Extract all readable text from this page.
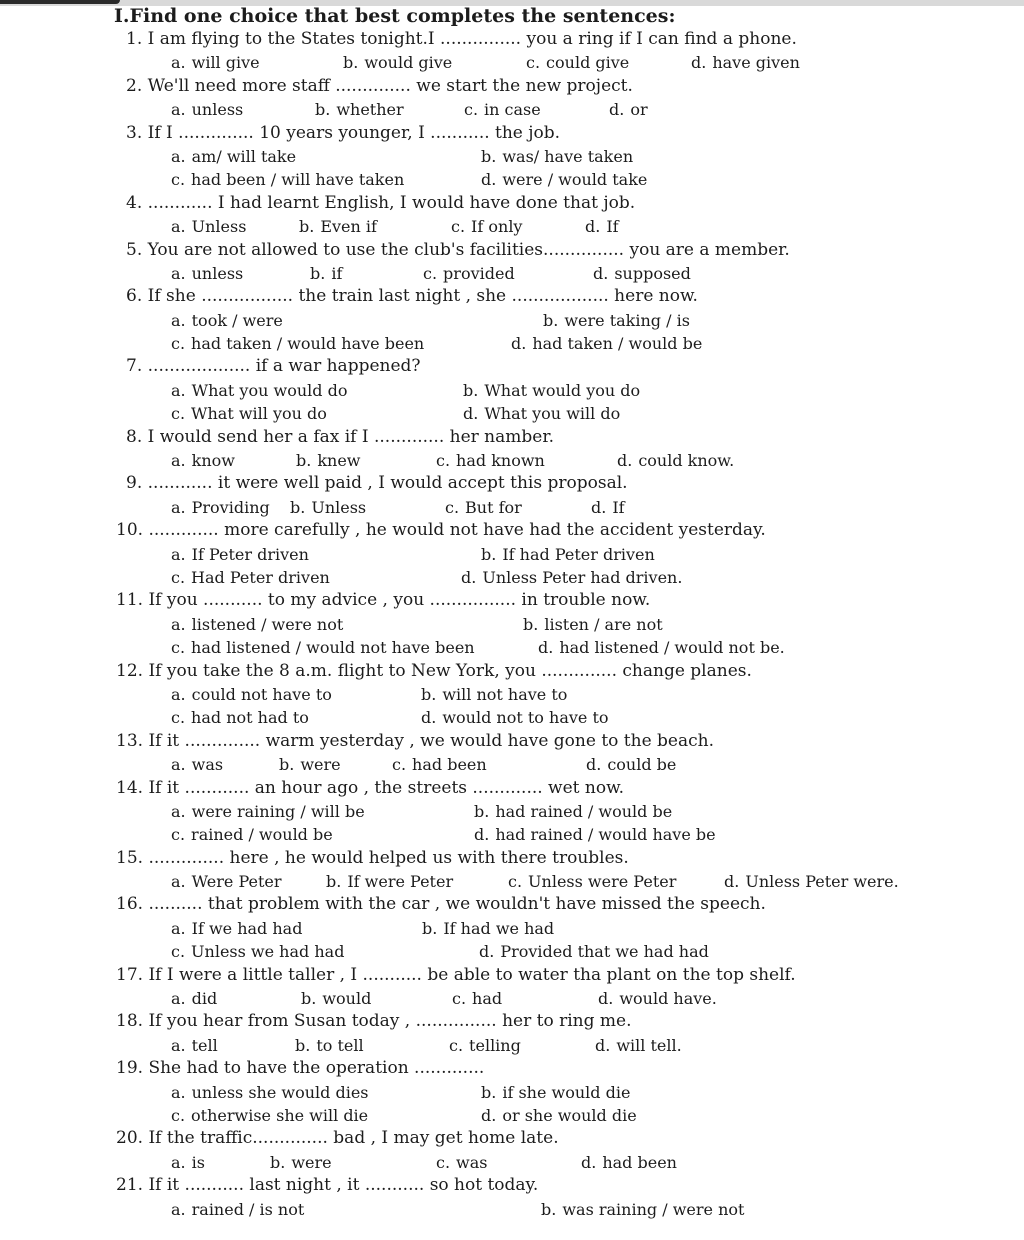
I.Find one choice that best completes the sentences:
1. I am flying to the States tonight.I ............... you a ring if I can find a phone.
a. will give	b. would give	c. could give	d. have given
2. We'll need more staff .............. we start the new project.
a. unless	b. whether	c. in case	d. or
3. If I .............. 10 years younger, I ........... the job.
a. am/ will take	b. was/ have taken
c. had been / will have taken	d. were / would take
4. ............ I had learnt English, I would have done that job.
a. Unless	b. Even if	c. If only	d. If
5. You are not allowed to use the club's facilities............... you are a member.
a. unless	b. if	c. provided	d. supposed
6. If she ................. the train last night , she .................. here now.
a. took / were	b. were taking / is
c. had taken / would have been	d. had taken / would be
7. ................... if a war happened?
a. What you would do	b. What would you do
c. What will you do	d. What you will do
8. I would send her a fax if I ............. her namber.
a. know	b. knew	c. had known	d. could know.
9. ............ it were well paid , I would accept this proposal.
a. Providing b. Unless	c. But for	d. If
10. ............. more carefully , he would not have had the accident yesterday.
a. If Peter driven	b. If had Peter driven
c. Had Peter driven	d. Unless Peter had driven.
11. If you ........... to my advice , you ................ in trouble now.
a. listened / were not	b. listen / are not
c. had listened / would not have been	d. had listened / would not be.
12. If you take the 8 a.m. flight to New York, you .............. change planes.
a. could not have to	b. will not have to
c. had not had to	d. would not to have to
13. If it .............. warm yesterday , we would have gone to the beach.
a. was	b. were	c. had been	d. could be
14. If it ............ an hour ago , the streets ............. wet now.
a. were raining / will be	b. had rained / would be
c. rained / would be	d. had rained / would have be
15. .............. here , he would helped us with there troubles.
a. Were Peter	b. If were Peter	c. Unless were Peter	d. Unless Peter were.
16. .......... that problem with the car , we wouldn't have missed the speech.
a. If we had had	b. If had we had
c. Unless we had had	d. Provided that we had had
17. If I were a little taller , I ........... be able to water tha plant on the top shelf.
a. did	b. would	c. had	d. would have.
18. If you hear from Susan today , ............... her to ring me.
a. tell	b. to tell	c. telling	d. will tell.
19. She had to have the operation .............
a. unless she would dies	b. if she would die
c. otherwise she will die	d. or she would die
20. If the traffic.............. bad , I may get home late.
a. is	b. were	c. was	d. had been
21. If it ........... last night , it ........... so hot today.
a. rained / is not	b. was raining / were not
